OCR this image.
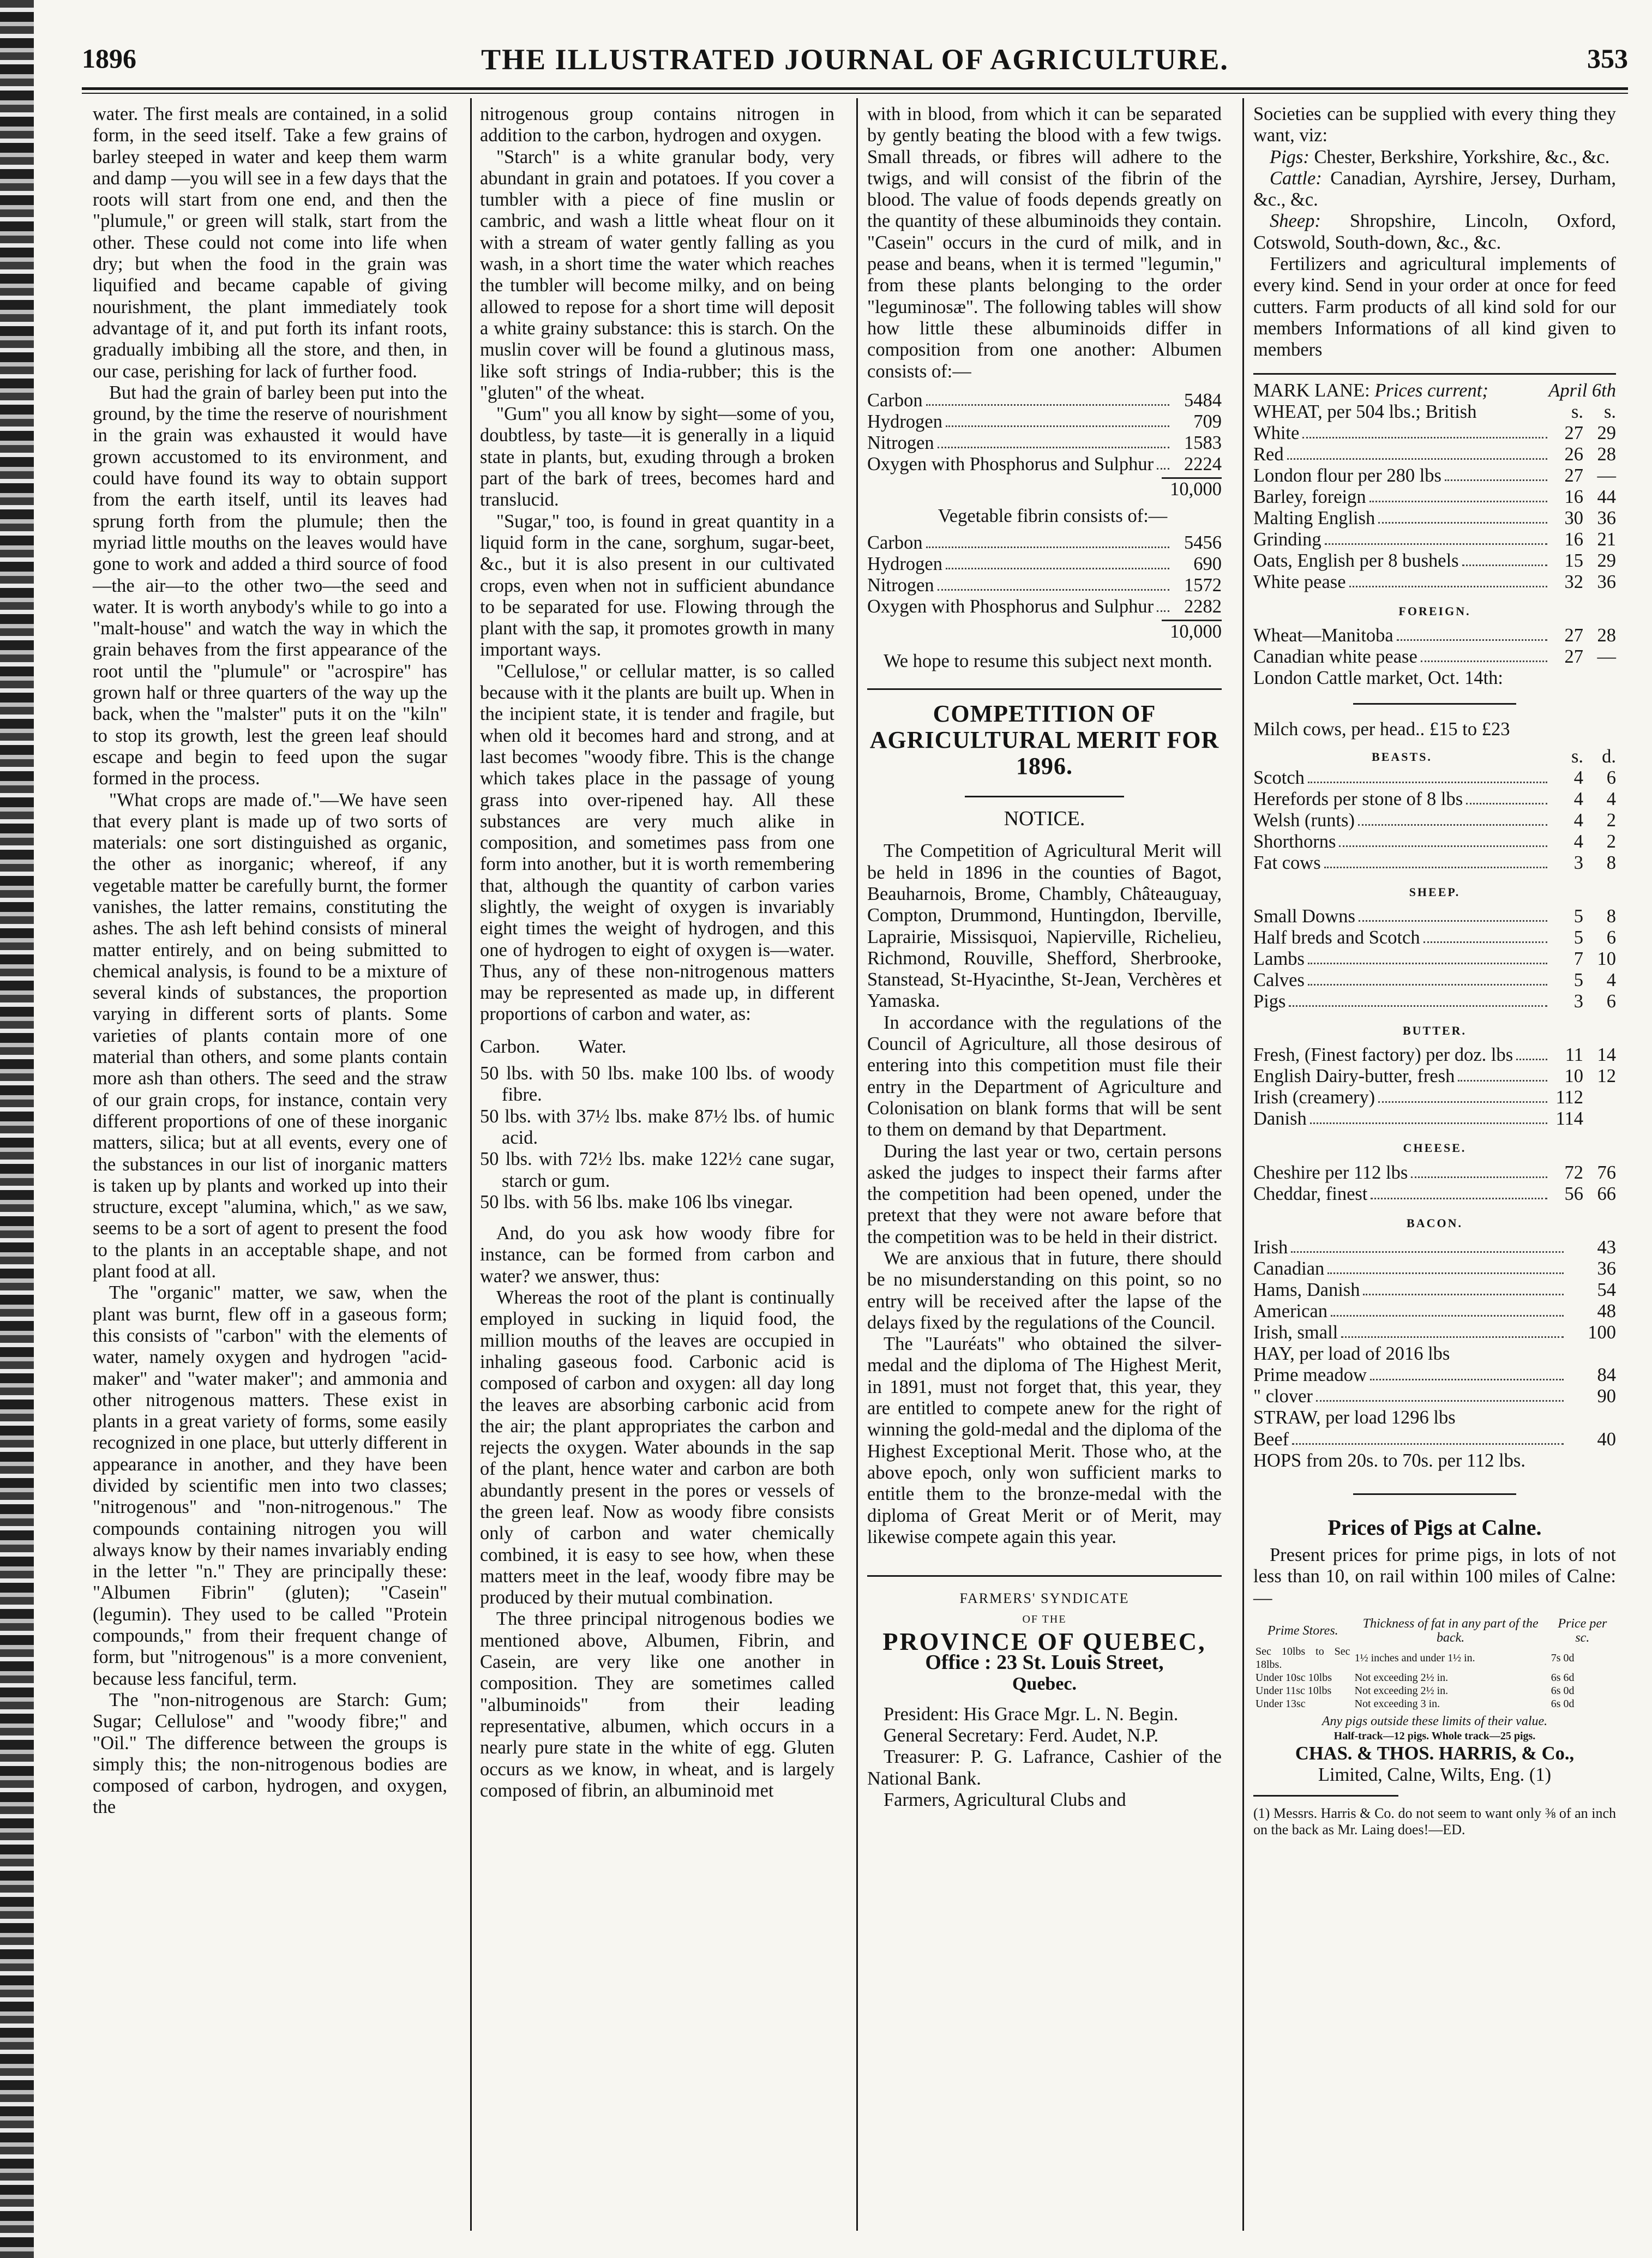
1896	THE ILLUSTRATED JOURNAL OF AGRICULTURE.	353

water. The first meals are contained, in a solid form, in the seed itself. Take a few grains of barley steeped in water and keep them warm and damp —you will see in a few days that the roots will start from one end, and then the "plumule," or green will stalk, start from the other. These could not come into life when dry; but when the food in the grain was liquified and became capable of giving nourishment, the plant immediately took advantage of it, and put forth its infant roots, gradually imbibing all the store, and then, in our case, perishing for lack of further food.

But had the grain of barley been put into the ground, by the time the reserve of nourishment in the grain was exhausted it would have grown accustomed to its environment, and could have found its way to obtain support from the earth itself, until its leaves had sprung forth from the plumule; then the myriad little mouths on the leaves would have gone to work and added a third source of food—the air—to the other two—the seed and water. It is worth anybody's while to go into a "malt-house" and watch the way in which the grain behaves from the first appearance of the root until the "plumule" or "acrospire" has grown half or three quarters of the way up the back, when the "malster" puts it on the "kiln" to stop its growth, lest the green leaf should escape and begin to feed upon the sugar formed in the process.

"What crops are made of."—We have seen that every plant is made up of two sorts of materials: one sort distinguished as organic, the other as inorganic; whereof, if any vegetable matter be carefully burnt, the former vanishes, the latter remains, constituting the ashes. The ash left behind consists of mineral matter entirely, and on being submitted to chemical analysis, is found to be a mixture of several kinds of substances, the proportion varying in different sorts of plants. Some varieties of plants contain more of one material than others, and some plants contain more ash than others. The seed and the straw of our grain crops, for instance, contain very different proportions of one of these inorganic matters, silica; but at all events, every one of the substances in our list of inorganic matters is taken up by plants and worked up into their structure, except "alumina, which," as we saw, seems to be a sort of agent to present the food to the plants in an acceptable shape, and not plant food at all.

The "organic" matter, we saw, when the plant was burnt, flew off in a gaseous form; this consists of "carbon" with the elements of water, namely oxygen and hydrogen "acid-maker" and "water maker"; and ammonia and other nitrogenous matters. These exist in plants in a great variety of forms, some easily recognized in one place, but utterly different in appearance in another, and they have been divided by scientific men into two classes; "nitrogenous" and "non-nitrogenous." The compounds containing nitrogen you will always know by their names invariably ending in the letter "n." They are principally these: "Albumen Fibrin" (gluten); "Casein" (legumin). They used to be called "Protein compounds," from their frequent change of form, but "nitrogenous" is a more convenient, because less fanciful, term.

The "non-nitrogenous are Starch: Gum; Sugar; Cellulose" and "woody fibre;" and "Oil." The difference between the groups is simply this; the non-nitrogenous bodies are composed of carbon, hydrogen, and oxygen, the

nitrogenous group contains nitrogen in addition to the carbon, hydrogen and oxygen.

"Starch" is a white granular body, very abundant in grain and potatoes. If you cover a tumbler with a piece of fine muslin or cambric, and wash a little wheat flour on it with a stream of water gently falling as you wash, in a short time the water which reaches the tumbler will become milky, and on being allowed to repose for a short time will deposit a white grainy substance: this is starch. On the muslin cover will be found a glutinous mass, like soft strings of India-rubber; this is the "gluten" of the wheat.

"Gum" you all know by sight—some of you, doubtless, by taste—it is generally in a liquid state in plants, but, exuding through a broken part of the bark of trees, becomes hard and translucid.

"Sugar," too, is found in great quantity in a liquid form in the cane, sorghum, sugar-beet, &c., but it is also present in our cultivated crops, even when not in sufficient abundance to be separated for use. Flowing through the plant with the sap, it promotes growth in many important ways.

"Cellulose," or cellular matter, is so called because with it the plants are built up. When in the incipient state, it is tender and fragile, but when old it becomes hard and strong, and at last becomes "woody fibre. This is the change which takes place in the passage of young grass into over-ripened hay. All these substances are very much alike in composition, and sometimes pass from one form into another, but it is worth remembering that, although the quantity of carbon varies slightly, the weight of oxygen is invariably eight times the weight of hydrogen, and this one of hydrogen to eight of oxygen is—water. Thus, any of these non-nitrogenous matters may be represented as made up, in different proportions of carbon and water, as:

Carbon. Water.

50 lbs. with 50 lbs. make 100 lbs. of woody fibre.

50 lbs. with 37½ lbs. make 87½ lbs. of humic acid.

50 lbs. with 72½ lbs. make 122½ cane sugar, starch or gum.

50 lbs. with 56 lbs. make 106 lbs vinegar.

And, do you ask how woody fibre for instance, can be formed from carbon and water? we answer, thus:

Whereas the root of the plant is continually employed in sucking in liquid food, the million mouths of the leaves are occupied in inhaling gaseous food. Carbonic acid is composed of carbon and oxygen: all day long the leaves are absorbing carbonic acid from the air; the plant appropriates the carbon and rejects the oxygen. Water abounds in the sap of the plant, hence water and carbon are both abundantly present in the pores or vessels of the green leaf. Now as woody fibre consists only of carbon and water chemically combined, it is easy to see how, when these matters meet in the leaf, woody fibre may be produced by their mutual combination.

The three principal nitrogenous bodies we mentioned above, Albumen, Fibrin, and Casein, are very like one another in composition. They are sometimes called "albuminoids" from their leading representative, albumen, which occurs in a nearly pure state in the white of egg. Gluten occurs as we know, in wheat, and is largely composed of fibrin, an albuminoid met

with in blood, from which it can be separated by gently beating the blood with a few twigs. Small threads, or fibres will adhere to the twigs, and will consist of the fibrin of the blood. The value of foods depends greatly on the quantity of these albuminoids they contain. "Casein" occurs in the curd of milk, and in pease and beans, when it is termed "legumin," from these plants belonging to the order "leguminosæ". The following tables will show how little these albuminoids differ in composition from one another: Albumen consists of:—

Carbon	5484
Hydrogen	709
Nitrogen	1583
Oxygen with Phosphorus and Sulphur	2224
10,000

Vegetable fibrin consists of:—

Carbon	5456
Hydrogen	690
Nitrogen	1572
Oxygen with Phosphorus and Sulphur	2282
10,000

We hope to resume this subject next month.

COMPETITION OF AGRICULTURAL MERIT FOR 1896.
NOTICE.

The Competition of Agricultural Merit will be held in 1896 in the counties of Bagot, Beauharnois, Brome, Chambly, Châteauguay, Compton, Drummond, Huntingdon, Iberville, Laprairie, Missisquoi, Napierville, Richelieu, Richmond, Rouville, Shefford, Sherbrooke, Stanstead, St-Hyacinthe, St-Jean, Verchères et Yamaska.

In accordance with the regulations of the Council of Agriculture, all those desirous of entering into this competition must file their entry in the Department of Agriculture and Colonisation on blank forms that will be sent to them on demand by that Department.

During the last year or two, certain persons asked the judges to inspect their farms after the competition had been opened, under the pretext that they were not aware before that the competition was to be held in their district.

We are anxious that in future, there should be no misunderstanding on this point, so no entry will be received after the lapse of the delays fixed by the regulations of the Council.

The "Lauréats" who obtained the silver-medal and the diploma of The Highest Merit, in 1891, must not forget that, this year, they are entitled to compete anew for the right of winning the gold-medal and the diploma of the Highest Exceptional Merit. Those who, at the above epoch, only won sufficient marks to entitle them to the bronze-medal with the diploma of Great Merit or of Merit, may likewise compete again this year.

FARMERS' SYNDICATE
OF THE
PROVINCE OF QUEBEC,
Office : 23 St. Louis Street,
Quebec.

President: His Grace Mgr. L. N. Begin.

General Secretary: Ferd. Audet, N.P.

Treasurer: P. G. Lafrance, Cashier of the National Bank.

Farmers, Agricultural Clubs and

Societies can be supplied with every thing they want, viz:

Pigs: Chester, Berkshire, Yorkshire, &c., &c.

Cattle: Canadian, Ayrshire, Jersey, Durham, &c., &c.

Sheep: Shropshire, Lincoln, Oxford, Cotswold, South-down, &c., &c.

Fertilizers and agricultural implements of every kind. Send in your order at once for feed cutters. Farm products of all kind sold for our members Informations of all kind given to members

MARK LANE: Prices current;	April 6th
WHEAT, per 504 lbs.; British	s.	s.
White	27 29
Red	26 28
London flour per 280 lbs	27 —
Barley, foreign	16 44
Malting English	30 36
Grinding	16 21
Oats, English per 8 bushels	15 29
White pease	32 36
FOREIGN.
Wheat—Manitoba	27 28
Canadian white pease	27 —
London Cattle market, Oct. 14th:
Milch cows, per head.. £15 to £23
BEASTS.	s. d.
Scotch	4	6
Herefords per stone of 8 lbs	4	4
Welsh (runts)	4	2
Shorthorns	4	2
Fat cows	3	8
SHEEP.
Small Downs	5	8
Half breds and Scotch	5	6
Lambs	7 10
Calves	5	4
Pigs	3	6
BUTTER.
Fresh, (Finest factory) per doz. lbs	11 14
English Dairy-butter, fresh	10 12
Irish (creamery)	112
Danish	114
CHEESE.
Cheshire per 112 lbs	72 76
Cheddar, finest	56 66
BACON.
Irish	43
Canadian	36
Hams, Danish	54
American	48
Irish, small	100
HAY, per load of 2016 lbs
Prime meadow	84
" clover	90
STRAW, per load 1296 lbs
Beef	40
HOPS from 20s. to 70s. per 112 lbs.
Prices of Pigs at Calne.

Present prices for prime pigs, in lots of not less than 10, on rail within 100 miles of Calne:—

Prime Stores.	Thickness of fat in any part of the back.	Price per sc.
Sec 10lbs to Sec 18lbs.	1½ inches and under 1½ in.	7s 0d
Under 10sc 10lbs	Not exceeding 2½ in.	6s 6d
Under 11sc 10lbs	Not exceeding 2½ in.	6s 0d
Under 13sc	Not exceeding 3 in.	6s 0d
Any pigs outside these limits of their value.
Half-track—12 pigs. Whole track—25 pigs.
CHAS. & THOS. HARRIS, & Co.,
Limited, Calne, Wilts, Eng. (1)
(1) Messrs. Harris & Co. do not seem to want only ⅜ of an inch on the back as Mr. Laing does!—ED.
